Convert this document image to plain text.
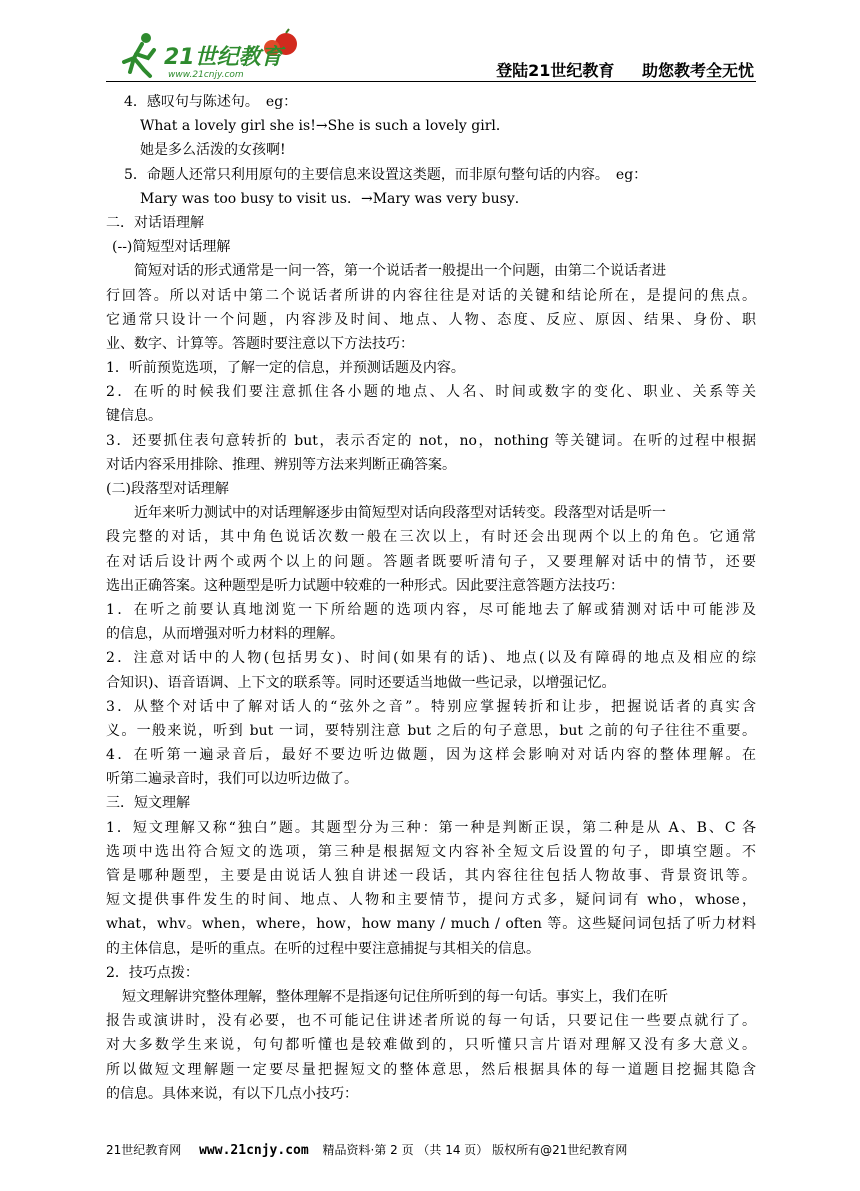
21世纪教育
www.21cnjy.com	登陆21世纪教育 助您教考全无忧
4．感叹句与陈述句。　eg：
What a lovely girl she is!→She is such a lovely girl．
她是多么活泼的女孩啊!
5．命题人还常只利用原句的主要信息来设置这类题，而非原句整句话的内容。　eg：
Mary was too busy to visit us．→Mary was very busy．
二．对话语理解
(--)简短型对话理解
简短对话的形式通常是一问一答，第一个说话者一般提出一个问题，由第二个说话者进
行回答。所以对话中第二个说话者所讲的内容往往是对话的关键和结论所在，是提问的焦点。
它通常只设计一个问题，内容涉及时间、地点、人物、态度、反应、原因、结果、身份、职
业、数字、计算等。答题时要注意以下方法技巧：
1．听前预览选项，了解一定的信息，并预测话题及内容。
2．在听的时候我们要注意抓住各小题的地点、人名、时间或数字的变化、职业、关系等关
键信息。
3．还要抓住表句意转折的 but，表示否定的 not，no，nothing 等关键词。在听的过程中根据
对话内容采用排除、推理、辨别等方法来判断正确答案。
(二)段落型对话理解
近年来听力测试中的对话理解逐步由简短型对话向段落型对话转变。段落型对话是听一
段完整的对话，其中角色说话次数一般在三次以上，有时还会出现两个以上的角色。它通常
在对话后设计两个或两个以上的问题。答题者既要听清句子，又要理解对话中的情节，还要
选出正确答案。这种题型是听力试题中较难的一种形式。因此要注意答题方法技巧：
1．在听之前要认真地浏览一下所给题的选项内容，尽可能地去了解或猜测对话中可能涉及
的信息，从而增强对听力材料的理解。
2．注意对话中的人物(包括男女)、时间(如果有的话)、地点(以及有障碍的地点及相应的综
合知识)、语音语调、上下文的联系等。同时还要适当地做一些记录，以增强记忆。
3．从整个对话中了解对话人的“弦外之音”。特别应掌握转折和让步，把握说话者的真实含
义。一般来说，听到 but 一词，要特别注意 but 之后的句子意思，but 之前的句子往往不重要。
4．在听第一遍录音后，最好不要边听边做题，因为这样会影响对对话内容的整体理解。在
听第二遍录音时，我们可以边听边做了。
三．短文理解
1．短文理解又称“独白”题。其题型分为三种：第一种是判断正误，第二种是从 A、B、C 各
选项中选出符合短文的选项，第三种是根据短文内容补全短文后设置的句子，即填空题。不
管是哪种题型，主要是由说话人独自讲述一段话，其内容往往包括人物故事、背景资讯等。
短文提供事件发生的时间、地点、人物和主要情节，提问方式多，疑问词有 who，whose，
what，whv。when，where，how，how many / much / often 等。这些疑问词包括了听力材料
的主体信息，是听的重点。在听的过程中要注意捕捉与其相关的信息。
2．技巧点拨：
短文理解讲究整体理解，整体理解不是指逐句记住所听到的每一句话。事实上，我们在听
报告或演讲时，没有必要，也不可能记住讲述者所说的每一句话，只要记住一些要点就行了。
对大多数学生来说，句句都听懂也是较难做到的，只听懂只言片语对理解又没有多大意义。
所以做短文理解题一定要尽量把握短文的整体意思，然后根据具体的每一道题目挖掘其隐含
的信息。具体来说，有以下几点小技巧：
21世纪教育网 www.21cnjy.com 精品资料·第 2 页 （共 14 页） 版权所有@21世纪教育网
